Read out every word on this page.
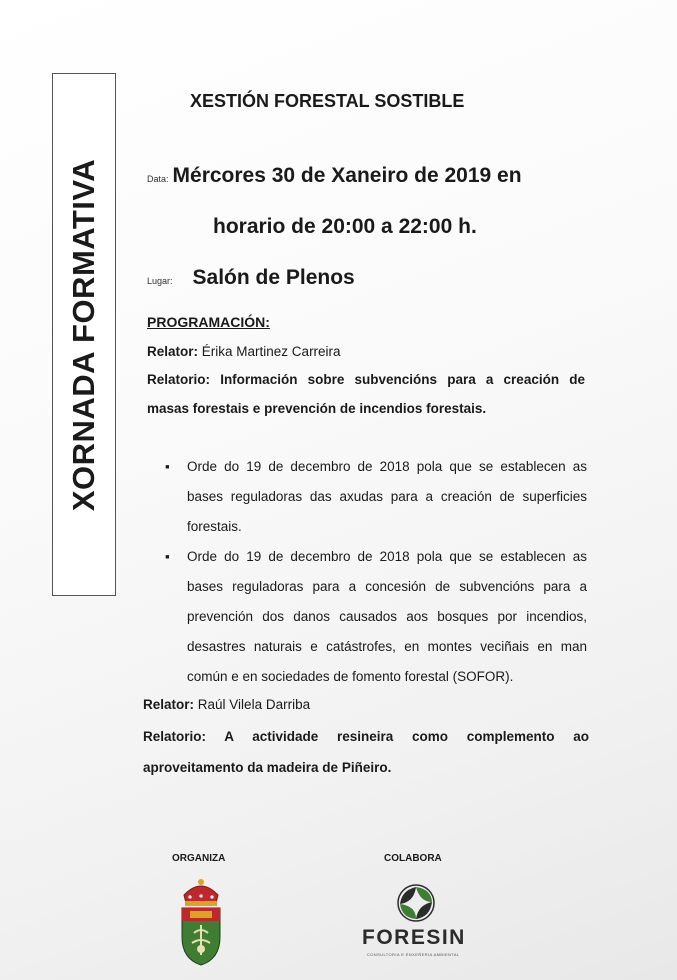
XORNADA FORMATIVA
XESTIÓN FORESTAL SOSTIBLE
Data: Mércores 30 de Xaneiro de 2019 en
horario de 20:00 a 22:00 h.
Lugar: Salón de Plenos
PROGRAMACIÓN:
Relator: Érika Martinez Carreira
Relatorio: Información sobre subvencións para a creación de
masas forestais e prevención de incendios forestais.
▪ Orde do 19 de decembro de 2018 pola que se establecen as
bases reguladoras das axudas para a creación de superficies
forestais.
▪ Orde do 19 de decembro de 2018 pola que se establecen as
bases reguladoras para a concesión de subvencións para a
prevención dos danos causados aos bosques por incendios,
desastres naturais e catástrofes, en montes veciñais en man
común e en sociedades de fomento forestal (SOFOR).
Relator: Raúl Vilela Darriba
Relatorio: A actividade resineira como complemento ao
aproveitamento da madeira de Piñeiro.
ORGANIZA	COLABORA
FORESIN
CONSULTORIA E ENXEÑERIA AMBIENTAL
